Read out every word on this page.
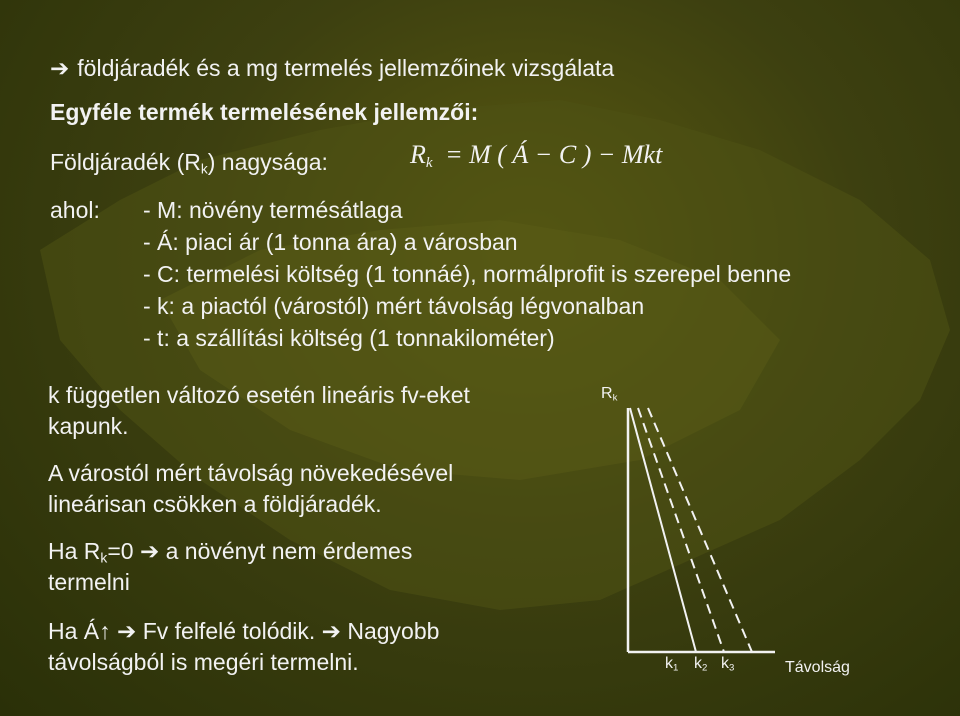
➔ földjáradék és a mg termelés jellemzőinek vizsgálata
Egyféle termék termelésének jellemzői:
Földjáradék $(R_k)$ nagysága:	$R_k = M$ ( Á − C ) − Mkt
ahol: - M: növény termésátlaga
- Á: piaci ár (1 tonna ára) a városban
- C: termelési költség (1 tonnáé), normálprofit is szerepel benne
- k: a piactól (várostól) mért távolság légvonalban
- t: a szállítási költség (1 tonnakilométer)
k független változó esetén lineáris fv-eket
kapunk.
A várostól mért távolság növekedésével
lineárisan csökken a földjáradék.
Ha $R_k=0$ ➔ a növényt nem érdemes
termelni
Ha Á↑ ➔ Fv felfelé tolódik. ➔ Nagyobb
távolságból is megéri termelni.
$R_k$
$k_1$ $k_2$ $k_3$	Távolság
